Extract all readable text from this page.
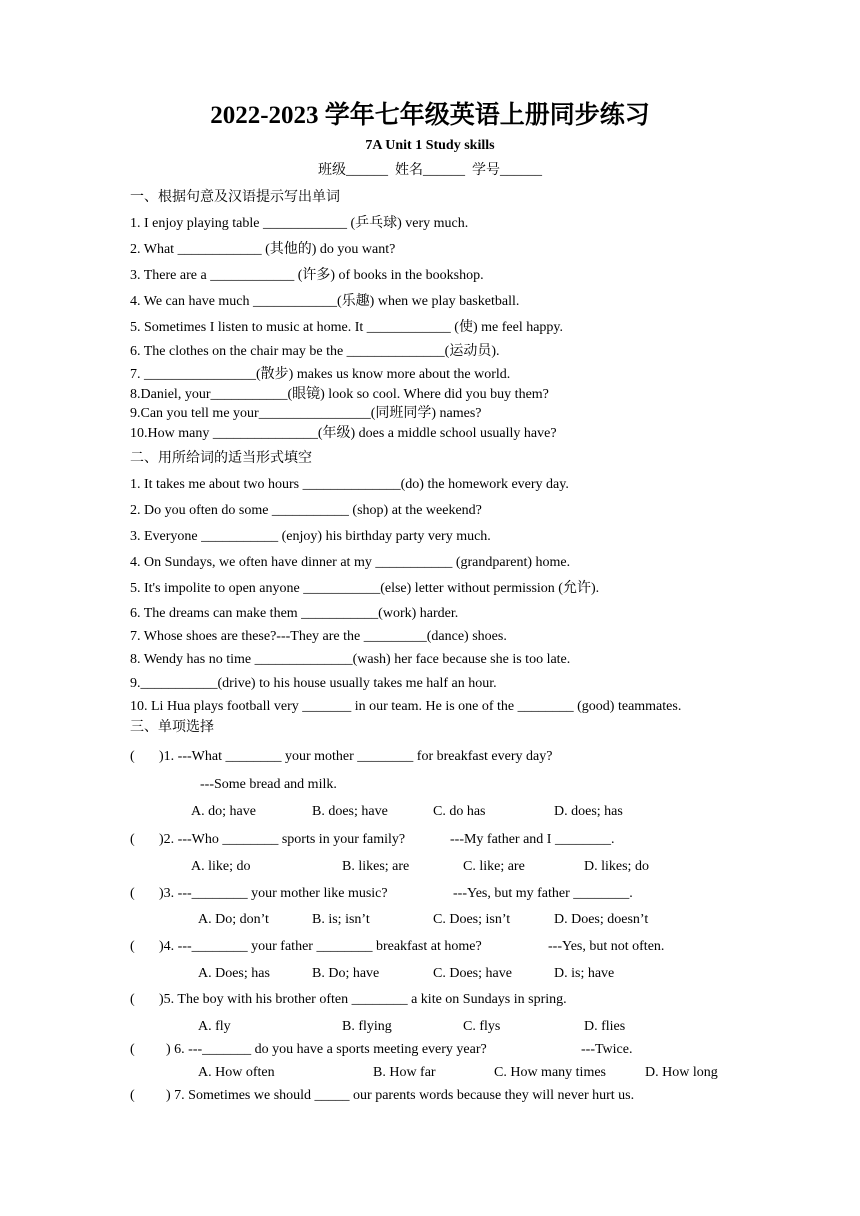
2022-2023 学年七年级英语上册同步练习
7A Unit 1 Study skills
班级______  姓名______  学号______
一、根据句意及汉语提示写出单词
1. I enjoy playing table ____________ (乒乓球) very much.
2. What ____________ (其他的) do you want?
3. There are a ____________ (许多) of books in the bookshop.
4. We can have much ____________(乐趣) when we play basketball.
5. Sometimes I listen to music at home. It ____________ (使) me feel happy.
6. The clothes on the chair may be the ______________(运动员).
7. ________________(散步) makes us know more about the world.
8.Daniel, your___________(眼镜) look so cool. Where did you buy them?
9.Can you tell me your________________(同班同学) names?
10.How many _______________(年级) does a middle school usually have?
二、用所给词的适当形式填空
1. It takes me about two hours ______________(do) the homework every day.
2. Do you often do some ___________ (shop) at the weekend?
3. Everyone ___________ (enjoy) his birthday party very much.
4. On Sundays, we often have dinner at my ___________ (grandparent) home.
5. It's impolite to open anyone ___________(else) letter without permission (允许).
6. The dreams can make them ___________(work) harder.
7. Whose shoes are these?---They are the _________(dance) shoes.
8. Wendy has no time ______________(wash) her face because she is too late.
9.___________(drive) to his house usually takes me half an hour.
10. Li Hua plays football very _______ in our team. He is one of the ________ (good) teammates.
三、单项选择
( )1. ---What ________ your mother ________ for breakfast every day?
---Some bread and milk.
A. do; have	B. does; have	C. do has	D. does; has
( )2. ---Who ________ sports in your family?	---My father and I ________.
A. like; do	B. likes; are	C. like; are	D. likes; do
( )3. ---________ your mother like music?	---Yes, but my father ________.
A. Do; don’t	B. is; isn’t	C. Does; isn’t	D. Does; doesn’t
( )4. ---________ your father ________ breakfast at home?	---Yes, but not often.
A. Does; has	B. Do; have	C. Does; have	D. is; have
( )5. The boy with his brother often ________ a kite on Sundays in spring.
A. fly	B. flying	C. flys	D. flies
( ) 6. ---_______ do you have a sports meeting every year?	---Twice.
A. How often	B. How far	C. How many times	D. How long
( ) 7. Sometimes we should _____ our parents words because they will never hurt us.
